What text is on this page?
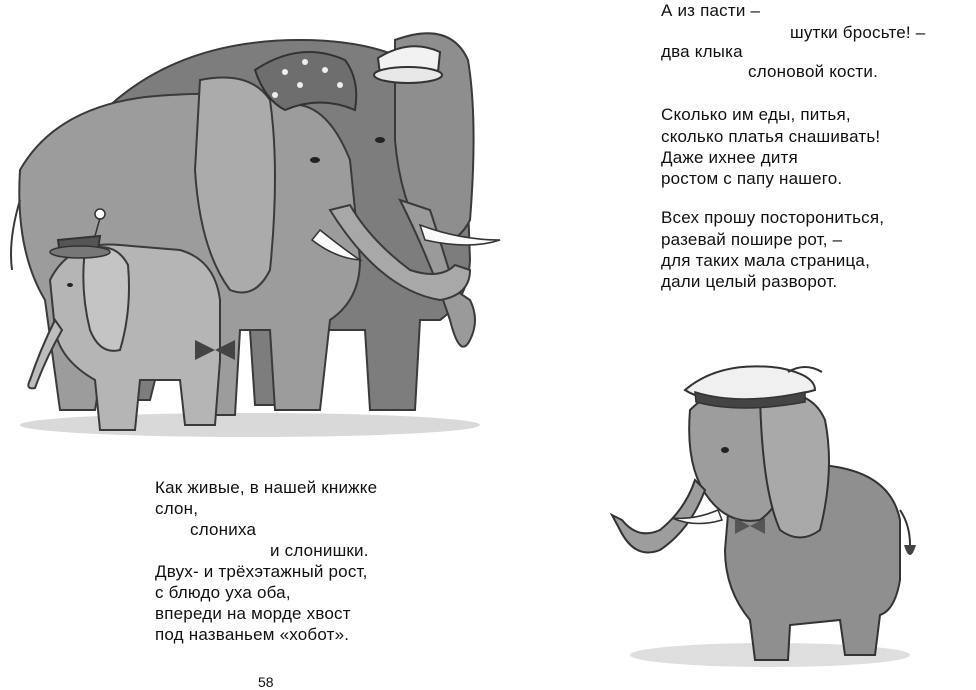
А из пасти –
шутки бросьте! –
два клыка
слоновой кости.
Сколько им еды, питья,
сколько платья снашивать!
Даже ихнее дитя
ростом с папу нашего.
Всех прошу посторониться,
разевай пошире рот, –
для таких мала страница,
дали целый разворот.
Как живые, в нашей книжке
слон,
слониха
и слонишки.
Двух- и трёхэтажный рост,
с блюдо уха оба,
впереди на морде хвост
под названьем «хобот».
58
